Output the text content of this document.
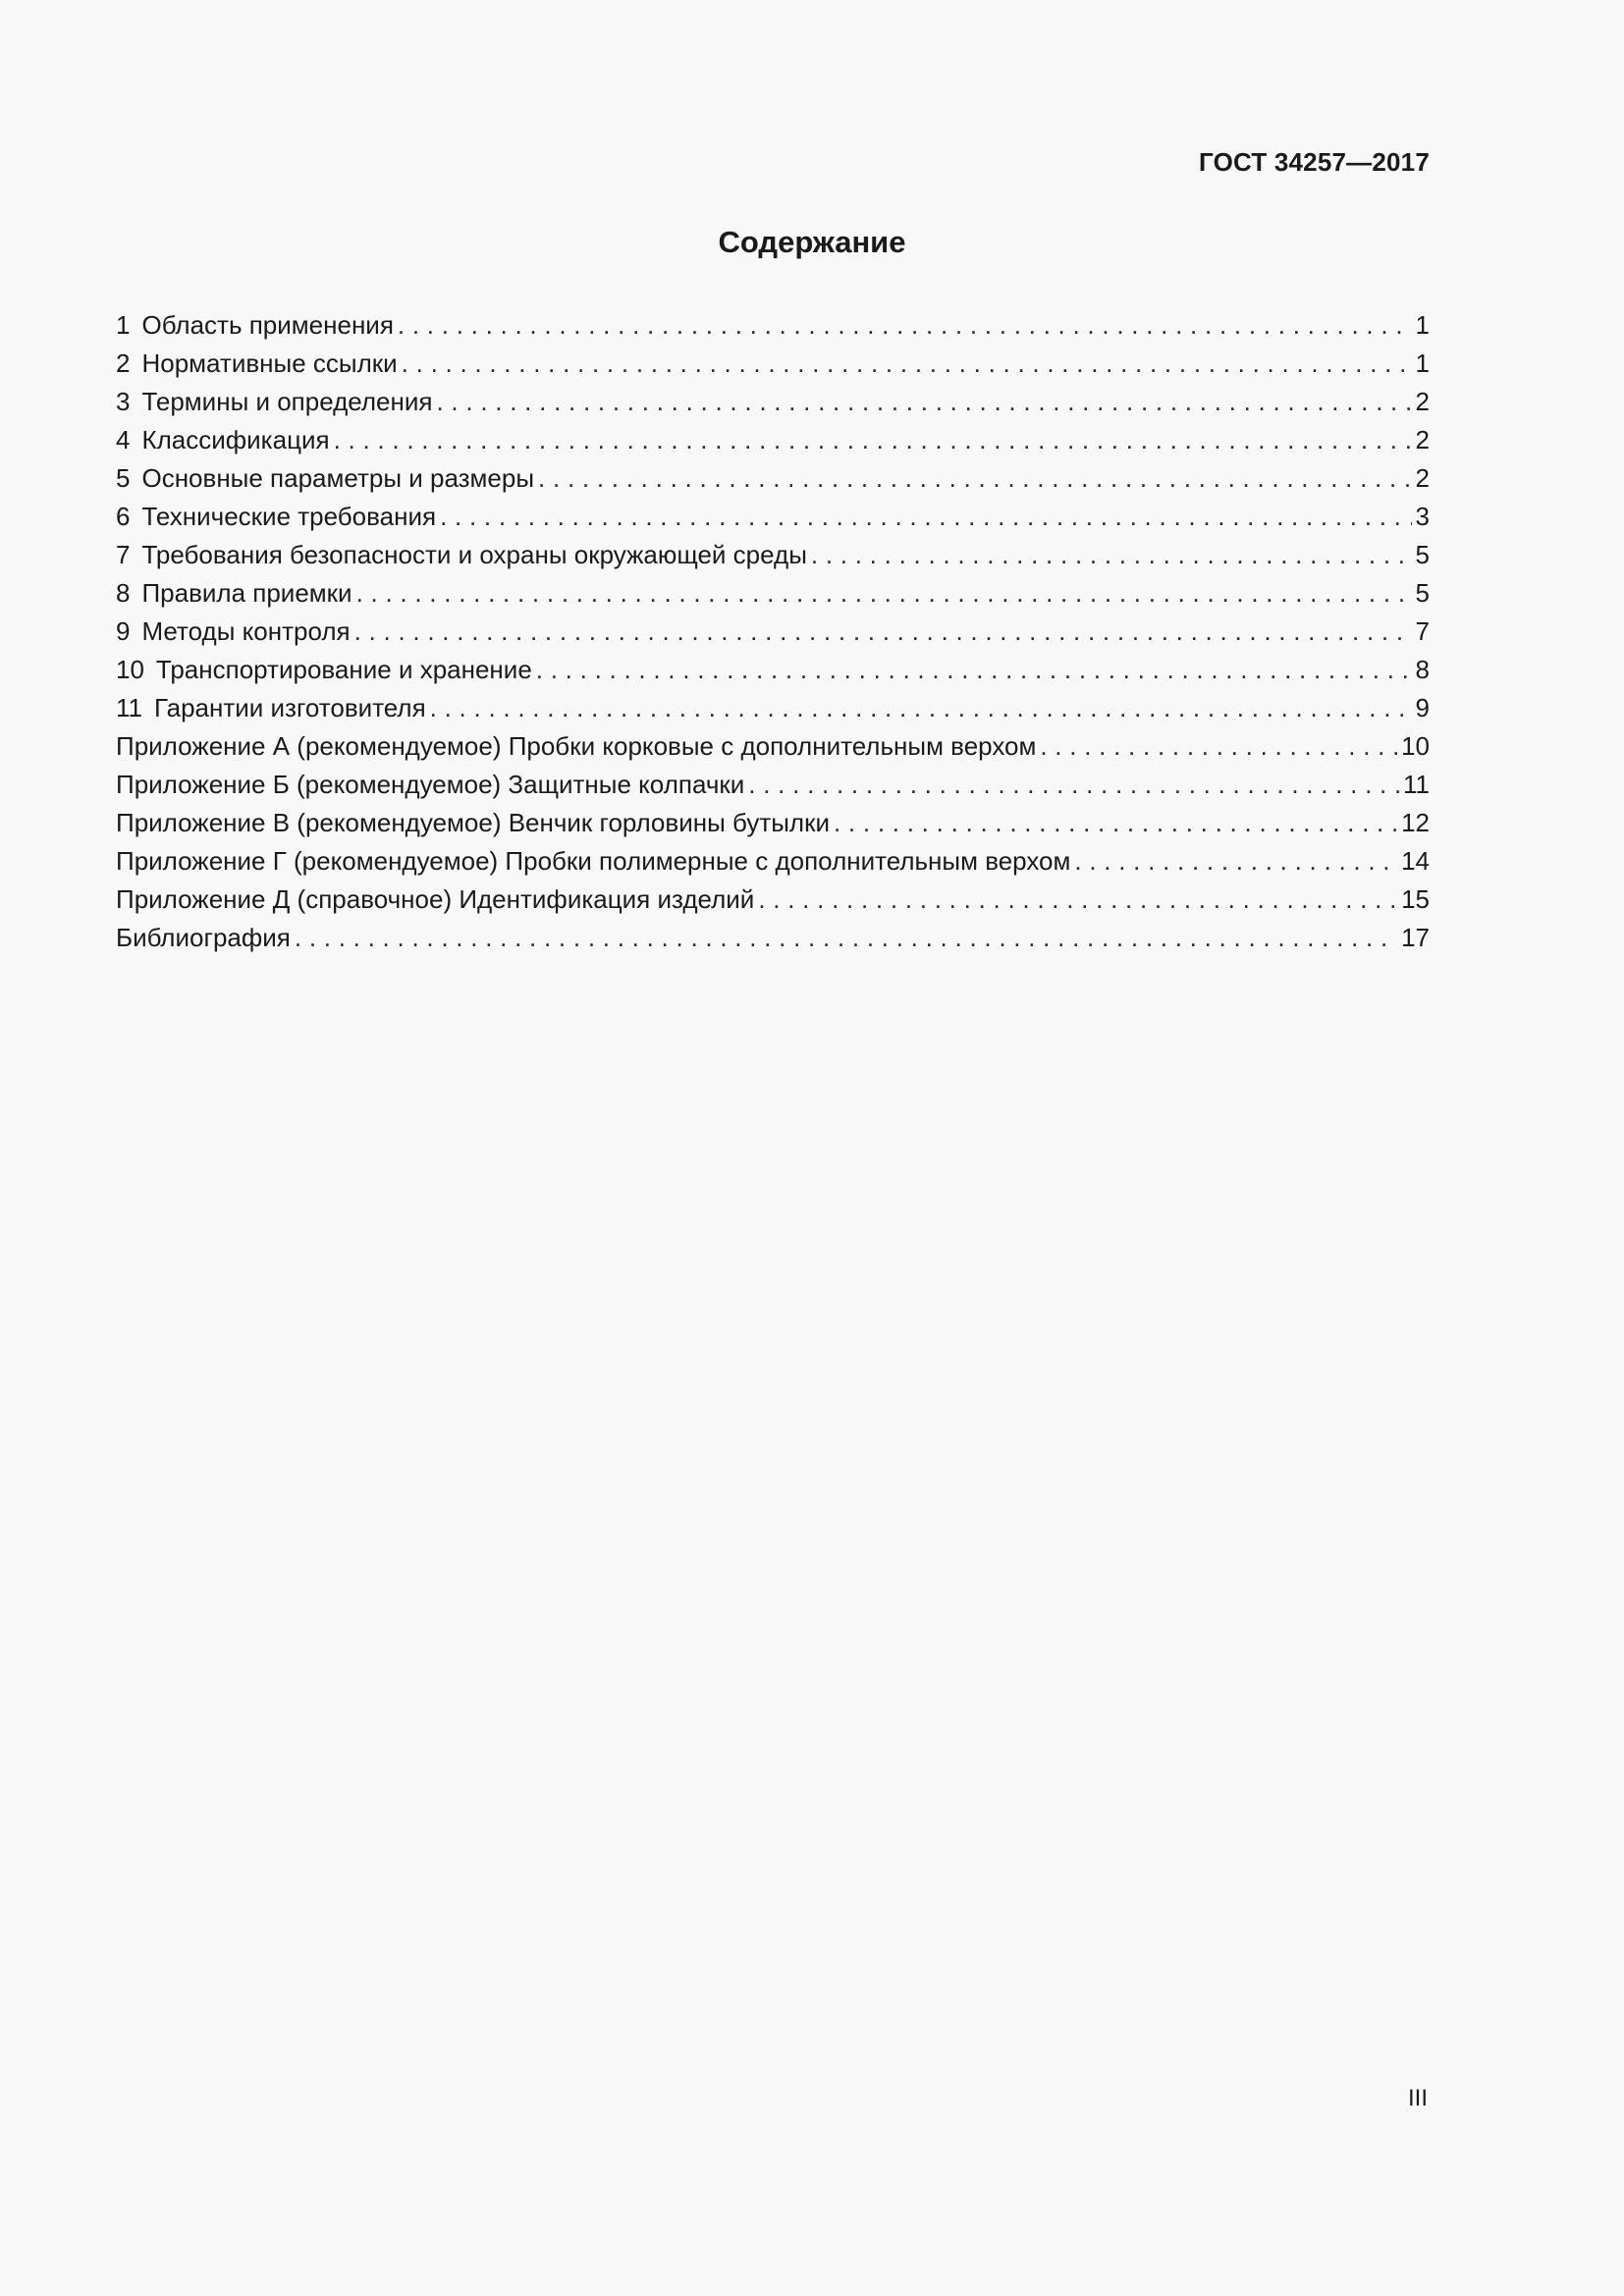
ГОСТ 34257—2017
Содержание
1 Область применения . . .	1
2 Нормативные ссылки . . .	1
3 Термины и определения . . .	2
4 Классификация . . .	2
5 Основные параметры и размеры . . .	2
6 Технические требования . . .	3
7 Требования безопасности и охраны окружающей среды . . .	5
8 Правила приемки . . .	5
9 Методы контроля . . .	7
10 Транспортирование и хранение . . .	8
11 Гарантии изготовителя . . .	9
Приложение А (рекомендуемое) Пробки корковые с дополнительным верхом . . .	10
Приложение Б (рекомендуемое) Защитные колпачки . . .	11
Приложение В (рекомендуемое) Венчик горловины бутылки . . .	12
Приложение Г (рекомендуемое) Пробки полимерные с дополнительным верхом . . .	14
Приложение Д (справочное) Идентификация изделий . . .	15
Библиография . . .	17
III
